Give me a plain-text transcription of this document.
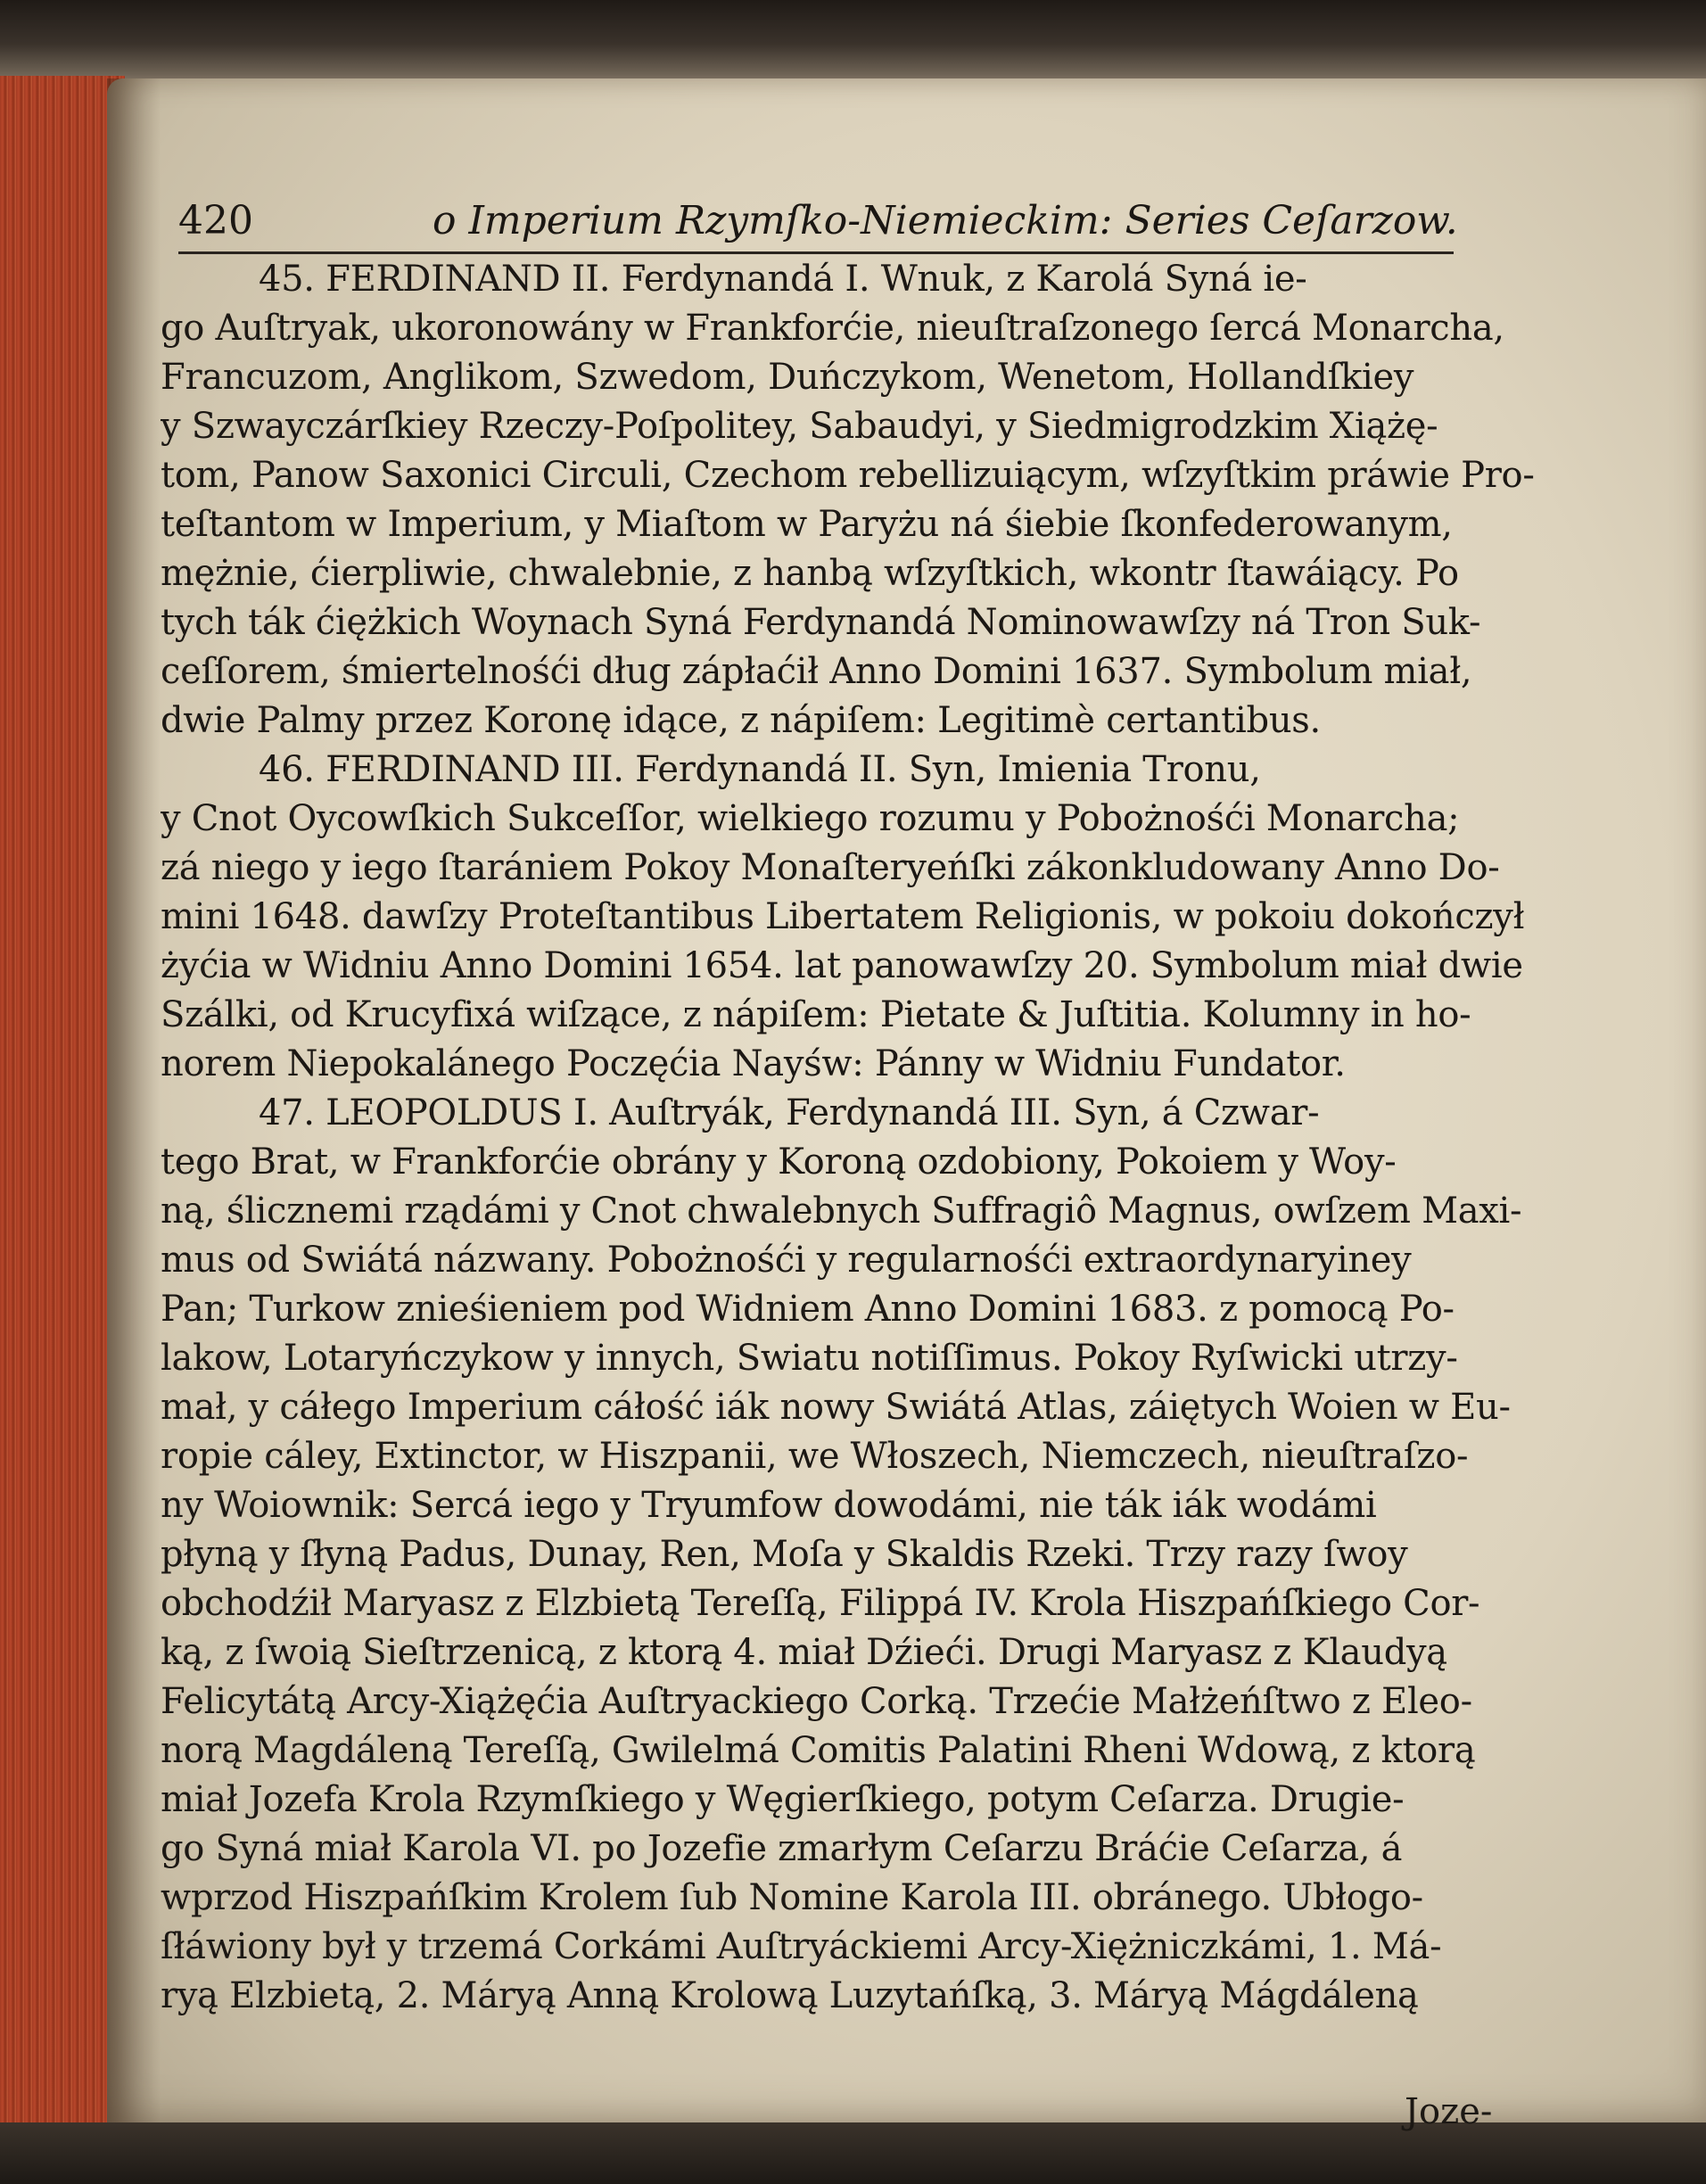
420	o Imperium Rzymſko-Niemieckim: Series Ceſarzow.
45. FERDINAND II. Ferdynandá I. Wnuk, z Karolá Syná ie-
go Auſtryak, ukoronowány w Frankforćie, nieuſtraſzonego ſercá Monarcha,
Francuzom, Anglikom, Szwedom, Duńczykom, Wenetom, Hollandſkiey
y Szwayczárſkiey Rzeczy-Poſpolitey, Sabaudyi, y Siedmigrodzkim Xiążę-
tom, Panow Saxonici Circuli, Czechom rebellizuiącym, wſzyſtkim práwie Pro-
teſtantom w Imperium, y Miaſtom w Paryżu ná śiebie ſkonfederowanym,
mężnie, ćierpliwie, chwalebnie, z hanbą wſzyſtkich, wkontr ſtawáiący. Po
tych ták ćiężkich Woynach Syná Ferdynandá Nominowawſzy ná Tron Suk-
ceſſorem, śmiertelnośći dług zápłaćił Anno Domini 1637. Symbolum miał,
dwie Palmy przez Koronę idące, z nápiſem: Legitimè certantibus.
46. FERDINAND III. Ferdynandá II. Syn, Imienia Tronu,
y Cnot Oycowſkich Sukceſſor, wielkiego rozumu y Pobożnośći Monarcha;
zá niego y iego ſtarániem Pokoy Monaſteryeńſki zákonkludowany Anno Do-
mini 1648. dawſzy Proteſtantibus Libertatem Religionis, w pokoiu dokończył
żyćia w Widniu Anno Domini 1654. lat panowawſzy 20. Symbolum miał dwie
Szálki, od Krucyfixá wiſzące, z nápiſem: Pietate & Juſtitia. Kolumny in ho-
norem Niepokalánego Poczęćia Nayśw: Pánny w Widniu Fundator.
47. LEOPOLDUS I. Auſtryák, Ferdynandá III. Syn, á Czwar-
tego Brat, w Frankforćie obrány y Koroną ozdobiony, Pokoiem y Woy-
ną, ślicznemi rządámi y Cnot chwalebnych Suffragiô Magnus, owſzem Maxi-
mus od Swiátá názwany. Pobożnośći y regularnośći extraordynaryiney
Pan; Turkow znieśieniem pod Widniem Anno Domini 1683. z pomocą Po-
lakow, Lotaryńczykow y innych, Swiatu notiſſimus. Pokoy Ryſwicki utrzy-
mał, y cáłego Imperium cáłość iák nowy Swiátá Atlas, záiętych Woien w Eu-
ropie cáley, Extinctor, w Hiszpanii, we Włoszech, Niemczech, nieuſtraſzo-
ny Woiownik: Sercá iego y Tryumfow dowodámi, nie ták iák wodámi
płyną y ſłyną Padus, Dunay, Ren, Moſa y Skaldis Rzeki. Trzy razy ſwoy
obchodźił Maryasz z Elzbietą Tereſſą, Filippá IV. Krola Hiszpańſkiego Cor-
ką, z ſwoią Sieſtrzenicą, z ktorą 4. miał Dźieći. Drugi Maryasz z Klaudyą
Felicytátą Arcy-Xiążęćia Auſtryackiego Corką. Trzećie Małżeńſtwo z Eleo-
norą Magdáleną Tereſſą, Gwilelmá Comitis Palatini Rheni Wdową, z ktorą
miał Jozefa Krola Rzymſkiego y Węgierſkiego, potym Ceſarza. Drugie-
go Syná miał Karola VI. po Jozefie zmarłym Ceſarzu Bráćie Ceſarza, á
wprzod Hiszpańſkim Krolem ſub Nomine Karola III. obránego. Ubłogo-
ſłáwiony był y trzemá Corkámi Auſtryáckiemi Arcy-Xiężniczkámi, 1. Má-
ryą Elzbietą, 2. Máryą Anną Krolową Luzytańſką, 3. Máryą Mágdáleną
Joze-
